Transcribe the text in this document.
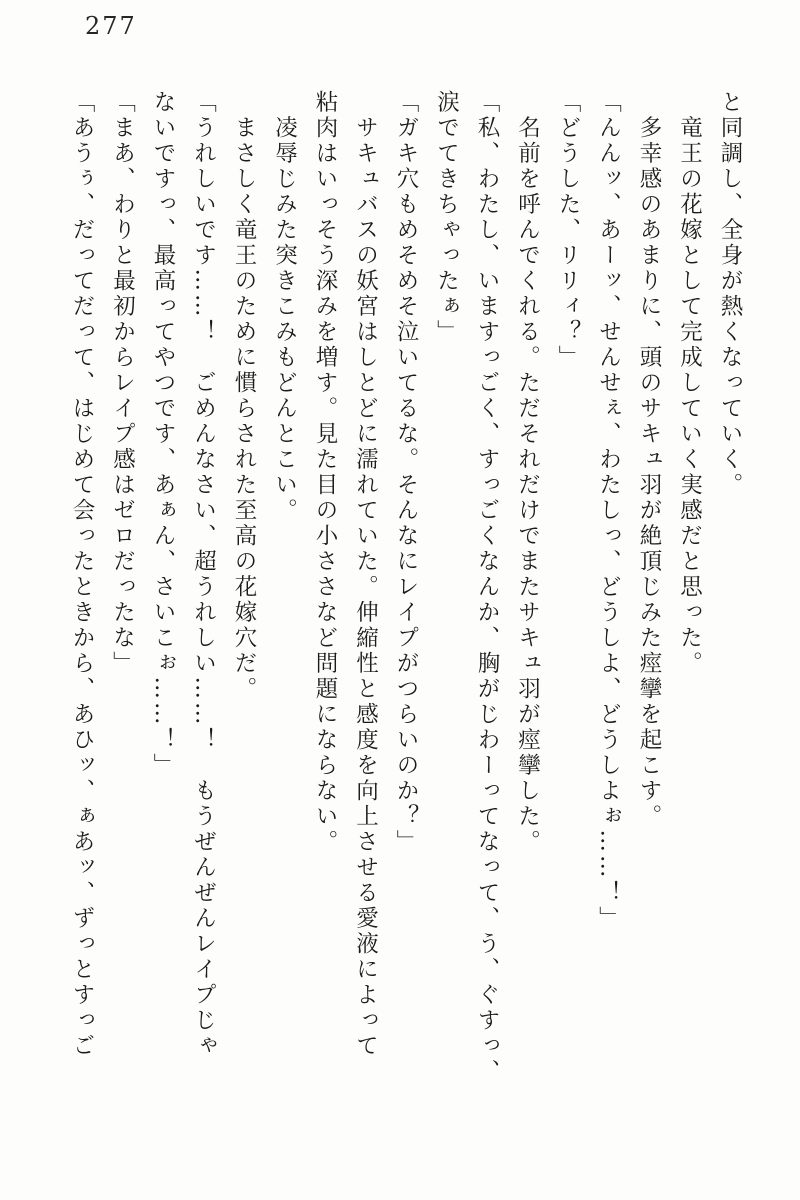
277

と同調し、全身が熱くなっていく。

　竜王の花嫁として完成していく実感だと思った。

　多幸感のあまりに、頭のサキュ羽が絶頂じみた痙攣を起こす。

「んんッ、あーッ、せんせぇ、わたしっ、どうしよ、どうしよぉ……！」

「どうした、リリィ？」

　名前を呼んでくれる。ただそれだけでまたサキュ羽が痙攣した。

「私、わたし、いますっごく、すっごくなんか、胸がじわーってなって、う、ぐすっ、

涙でてきちゃったぁ」

「ガキ穴もめそめそ泣いてるな。そんなにレイプがつらいのか？」

　サキュバスの妖宮はしとどに濡れていた。伸縮性と感度を向上させる愛液によって

粘肉はいっそう深みを増す。見た目の小ささなど問題にならない。

　凌辱じみた突きこみもどんとこい。

　まさしく竜王のために慣らされた至高の花嫁穴だ。

「うれしいです……！　ごめんなさい、超うれしい……！　もうぜんぜんレイプじゃ

ないですっ、最高ってやつです、あぁん、さいこぉ……！」

「まあ、わりと最初からレイプ感はゼロだったな」

「あうぅ、だってだって、はじめて会ったときから、あひッ、ぁあッ、ずっとすっご
